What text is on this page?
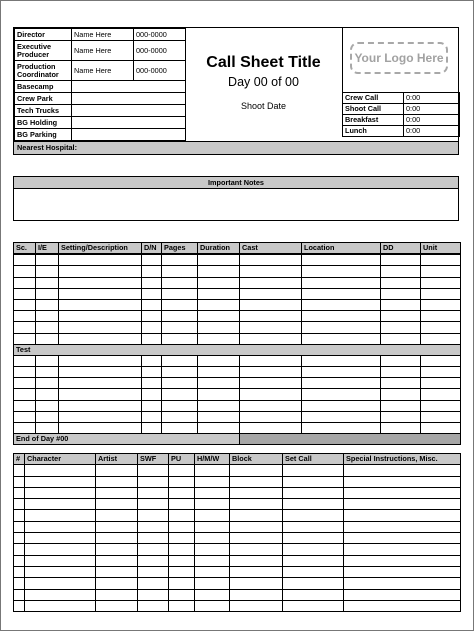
Director	Name Here	000-0000
Executive Producer	Name Here	000-0000
Production Coordinator	Name Here	000-0000
Basecamp		
Crew Park		
Tech Trucks		
BG Holding		
BG Parking		
Call Sheet Title
Day 00 of 00
Shoot Date
Your Logo Here
Crew Call	0:00
Shoot Call	0:00
Breakfast	0:00
Lunch	0:00
Nearest Hospital:
Important Notes
Sc.	I/E	Setting/Description	D/N	Pages	Duration	Cast	Location	DD	Unit

Test									

End of Day #00									
#	Character	Artist	SWF	PU	H/M/W	Block	Set Call	Special Instructions, Misc.
